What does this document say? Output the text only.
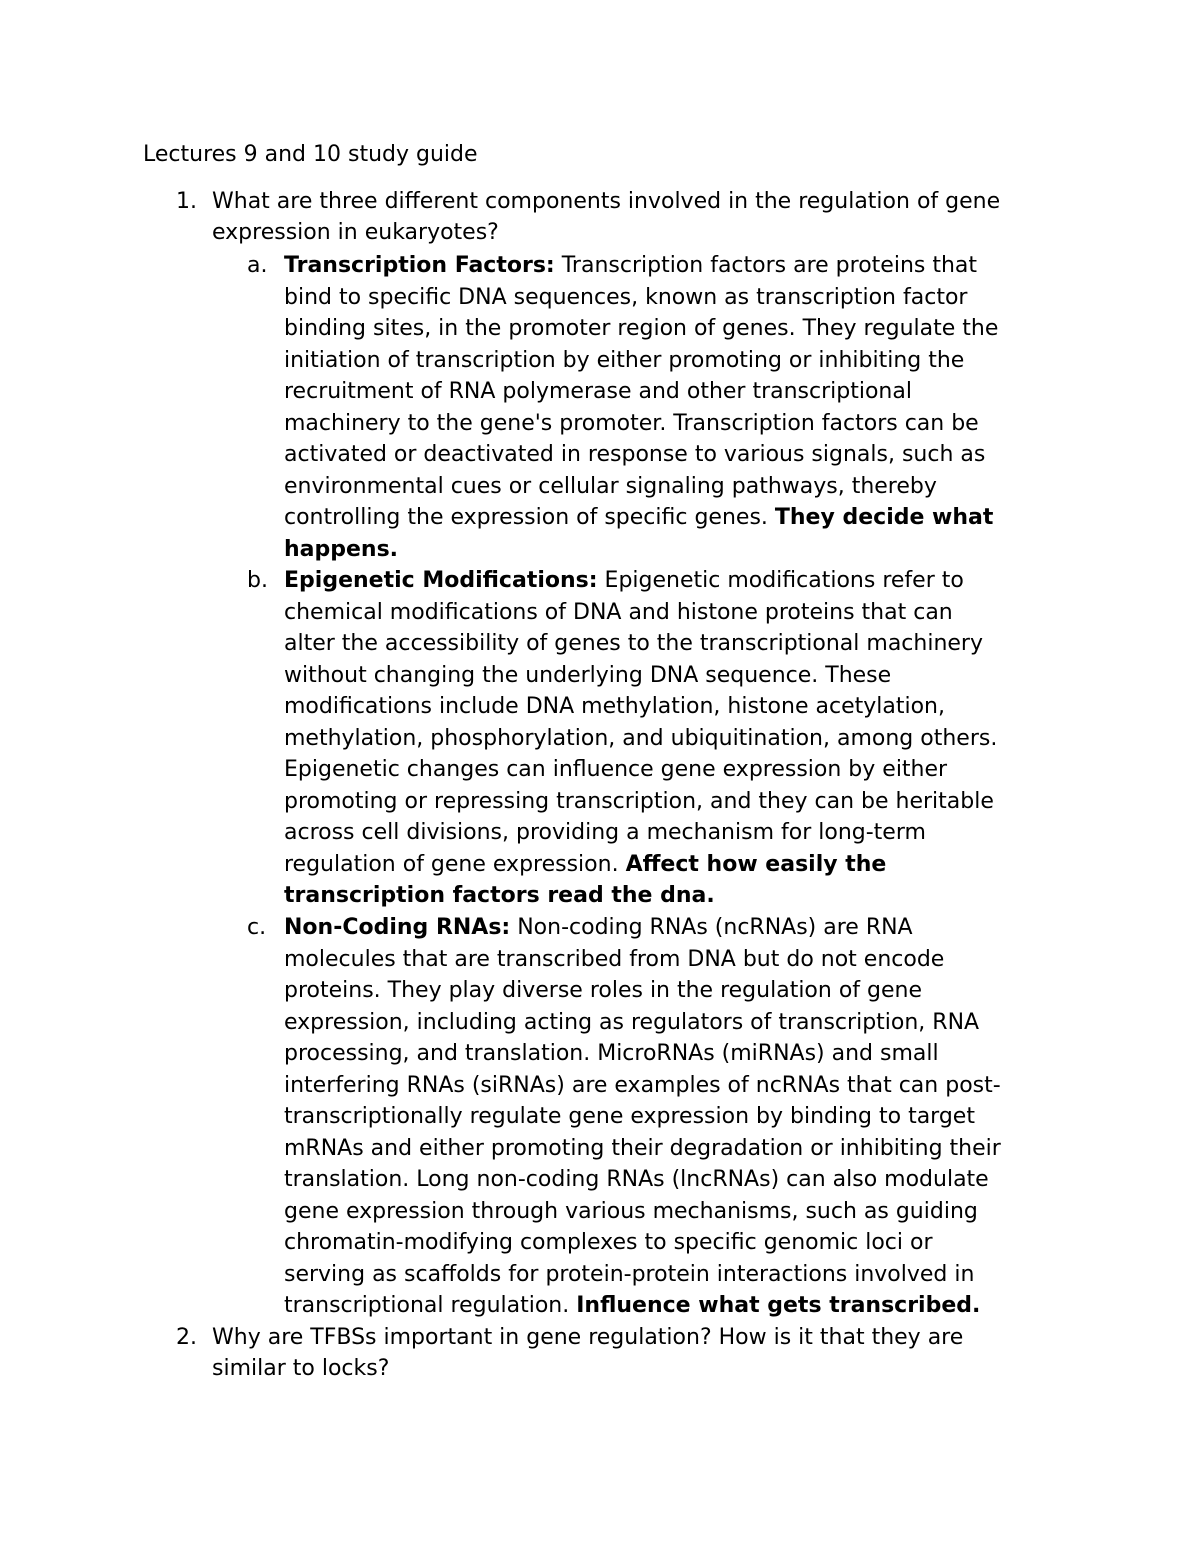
Lectures 9 and 10 study guide
1. What are three different components involved in the regulation of gene
expression in eukaryotes?
a. Transcription Factors: Transcription factors are proteins that
bind to specific DNA sequences, known as transcription factor
binding sites, in the promoter region of genes. They regulate the
initiation of transcription by either promoting or inhibiting the
recruitment of RNA polymerase and other transcriptional
machinery to the gene's promoter. Transcription factors can be
activated or deactivated in response to various signals, such as
environmental cues or cellular signaling pathways, thereby
controlling the expression of specific genes. They decide what
happens.
b. Epigenetic Modifications: Epigenetic modifications refer to
chemical modifications of DNA and histone proteins that can
alter the accessibility of genes to the transcriptional machinery
without changing the underlying DNA sequence. These
modifications include DNA methylation, histone acetylation,
methylation, phosphorylation, and ubiquitination, among others.
Epigenetic changes can influence gene expression by either
promoting or repressing transcription, and they can be heritable
across cell divisions, providing a mechanism for long-term
regulation of gene expression. Affect how easily the
transcription factors read the dna.
c. Non-Coding RNAs: Non-coding RNAs (ncRNAs) are RNA
molecules that are transcribed from DNA but do not encode
proteins. They play diverse roles in the regulation of gene
expression, including acting as regulators of transcription, RNA
processing, and translation. MicroRNAs (miRNAs) and small
interfering RNAs (siRNAs) are examples of ncRNAs that can post-
transcriptionally regulate gene expression by binding to target
mRNAs and either promoting their degradation or inhibiting their
translation. Long non-coding RNAs (lncRNAs) can also modulate
gene expression through various mechanisms, such as guiding
chromatin-modifying complexes to specific genomic loci or
serving as scaffolds for protein-protein interactions involved in
transcriptional regulation. Influence what gets transcribed.
2. Why are TFBSs important in gene regulation? How is it that they are
similar to locks?
